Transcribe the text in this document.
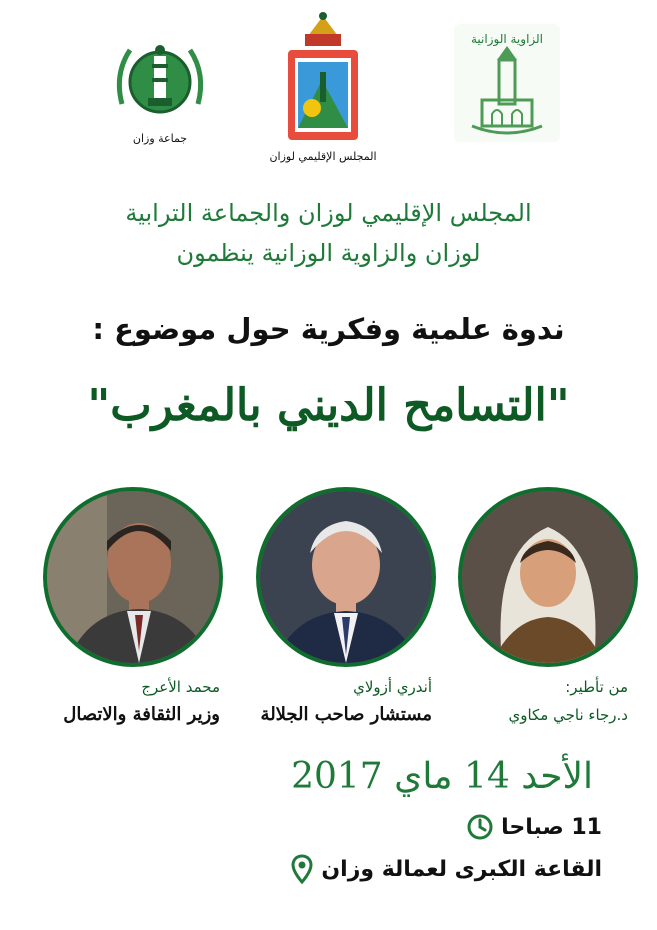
جماعة وزان
المجلس الإقليمي لوزان
الزاوية الوزانية
المجلس الإقليمي لوزان والجماعة الترابية
لوزان والزاوية الوزانية ينظمون
ندوة علمية وفكرية حول موضوع :
"التسامح الديني بالمغرب"
من تأطير:
د.رجاء ناجي مكاوي
أندري أزولاي
مستشار صاحب الجلالة
محمد الأعرج
وزير الثقافة والاتصال
الأحد 14 ماي 2017
11 صباحا
القاعة الكبرى لعمالة وزان
